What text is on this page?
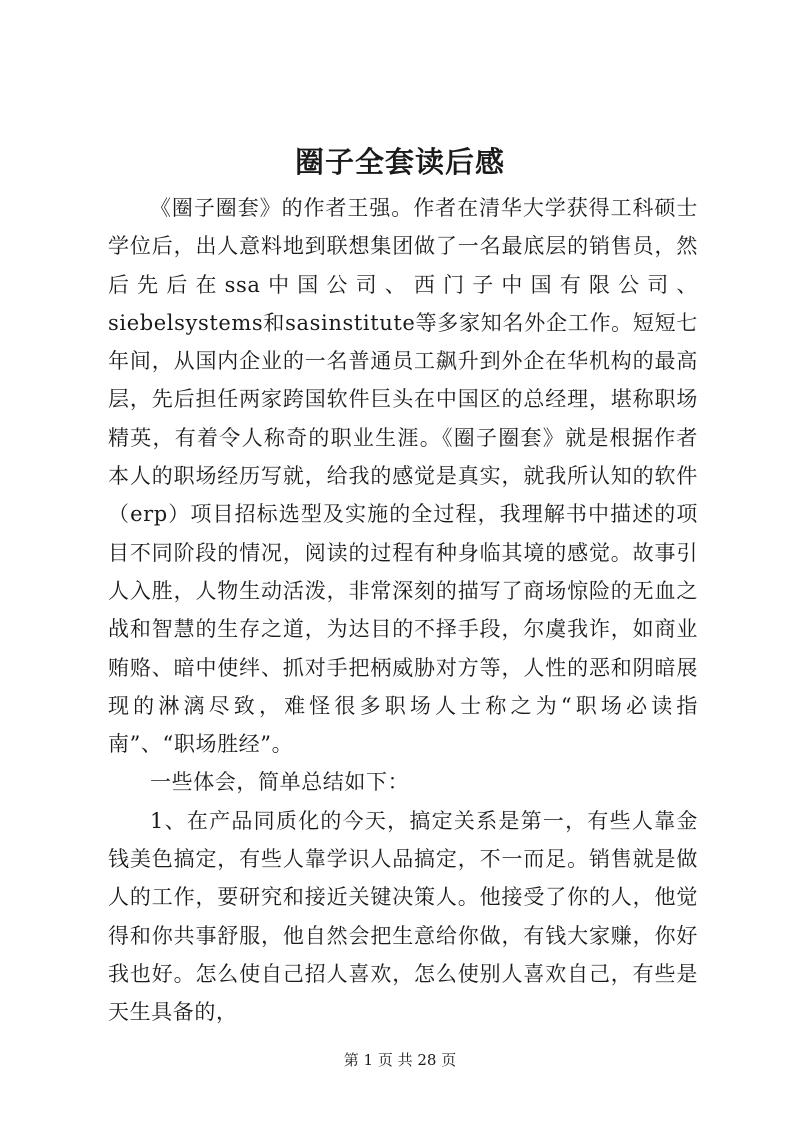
圈子全套读后感

《圈子圈套》的作者王强。作者在清华大学获得工科硕士学位后，出人意料地到联想集团做了一名最底层的销售员，然后先后在ssa中国公司、西门子中国有限公司、siebelsystems和sasinstitute等多家知名外企工作。短短七年间，从国内企业的一名普通员工飙升到外企在华机构的最高层，先后担任两家跨国软件巨头在中国区的总经理，堪称职场精英，有着令人称奇的职业生涯。《圈子圈套》就是根据作者本人的职场经历写就，给我的感觉是真实，就我所认知的软件（erp）项目招标选型及实施的全过程，我理解书中描述的项目不同阶段的情况，阅读的过程有种身临其境的感觉。故事引人入胜，人物生动活泼，非常深刻的描写了商场惊险的无血之战和智慧的生存之道，为达目的不择手段，尔虞我诈，如商业贿赂、暗中使绊、抓对手把柄威胁对方等，人性的恶和阴暗展现的淋漓尽致，难怪很多职场人士称之为“职场必读指南”、“职场胜经”。

一些体会，简单总结如下：

1、在产品同质化的今天，搞定关系是第一，有些人靠金钱美色搞定，有些人靠学识人品搞定，不一而足。销售就是做人的工作，要研究和接近关键决策人。他接受了你的人，他觉得和你共事舒服，他自然会把生意给你做，有钱大家赚，你好我也好。怎么使自己招人喜欢，怎么使别人喜欢自己，有些是天生具备的，

第 1 页 共 28 页
